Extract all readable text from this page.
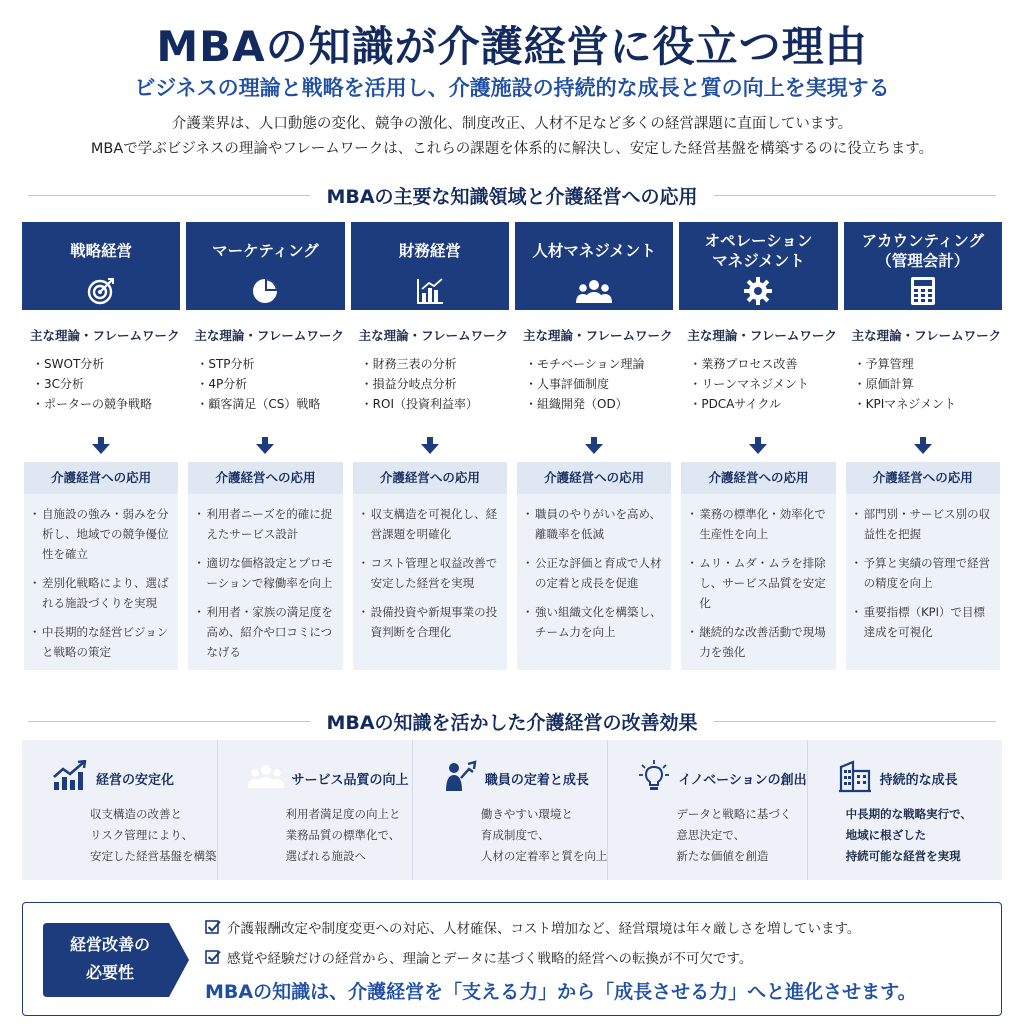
MBAの知識が介護経営に役立つ理由
ビジネスの理論と戦略を活用し、介護施設の持続的な成長と質の向上を実現する
介護業界は、人口動態の変化、競争の激化、制度改正、人材不足など多くの経営課題に直面しています。
MBAで学ぶビジネスの理論やフレームワークは、これらの課題を体系的に解決し、安定した経営基盤を構築するのに役立ちます。
MBAの主要な知識領域と介護経営への応用
戦略経営
主な理論・フレームワーク
・ SWOT分析
・ 3C分析
・ ポーターの競争戦略
介護経営への応用
・ 自施設の強み・弱みを分析し、地域での競争優位性を確立
・ 差別化戦略により、選ばれる施設づくりを実現
・ 中長期的な経営ビジョンと戦略の策定
マーケティング
主な理論・フレームワーク
・ STP分析
・ 4P分析
・ 顧客満足（CS）戦略
介護経営への応用
・ 利用者ニーズを的確に捉えたサービス設計
・ 適切な価格設定とプロモーションで稼働率を向上
・ 利用者・家族の満足度を高め、紹介や口コミにつなげる
財務経営
主な理論・フレームワーク
・ 財務三表の分析
・ 損益分岐点分析
・ ROI（投資利益率）
介護経営への応用
・ 収支構造を可視化し、経営課題を明確化
・ コスト管理と収益改善で安定した経営を実現
・ 設備投資や新規事業の投資判断を合理化
人材マネジメント
主な理論・フレームワーク
・ モチベーション理論
・ 人事評価制度
・ 組織開発（OD）
介護経営への応用
・ 職員のやりがいを高め、離職率を低減
・ 公正な評価と育成で人材の定着と成長を促進
・ 強い組織文化を構築し、チーム力を向上
オペレーション
マネジメント
主な理論・フレームワーク
・ 業務プロセス改善
・ リーンマネジメント
・ PDCAサイクル
介護経営への応用
・ 業務の標準化・効率化で生産性を向上
・ ムリ・ムダ・ムラを排除し、サービス品質を安定化
・ 継続的な改善活動で現場力を強化
アカウンティング
（管理会計）
主な理論・フレームワーク
・ 予算管理
・ 原価計算
・ KPIマネジメント
介護経営への応用
・ 部門別・サービス別の収益性を把握
・ 予算と実績の管理で経営の精度を向上
・ 重要指標（KPI）で目標達成を可視化
MBAの知識を活かした介護経営の改善効果
経営の安定化
収支構造の改善と
リスク管理により、
安定した経営基盤を構築
サービス品質の向上
利用者満足度の向上と
業務品質の標準化で、
選ばれる施設へ
職員の定着と成長
働きやすい環境と
育成制度で、
人材の定着率と質を向上
イノベーションの創出
データと戦略に基づく
意思決定で、
新たな価値を創造
持続的な成長
中長期的な戦略実行で、
地域に根ざした
持続可能な経営を実現
経営改善の
必要性
介護報酬改定や制度変更への対応、人材確保、コスト増加など、経営環境は年々厳しさを増しています。
感覚や経験だけの経営から、理論とデータに基づく戦略的経営への転換が不可欠です。
MBAの知識は、介護経営を「支える力」から「成長させる力」へと進化させます。
